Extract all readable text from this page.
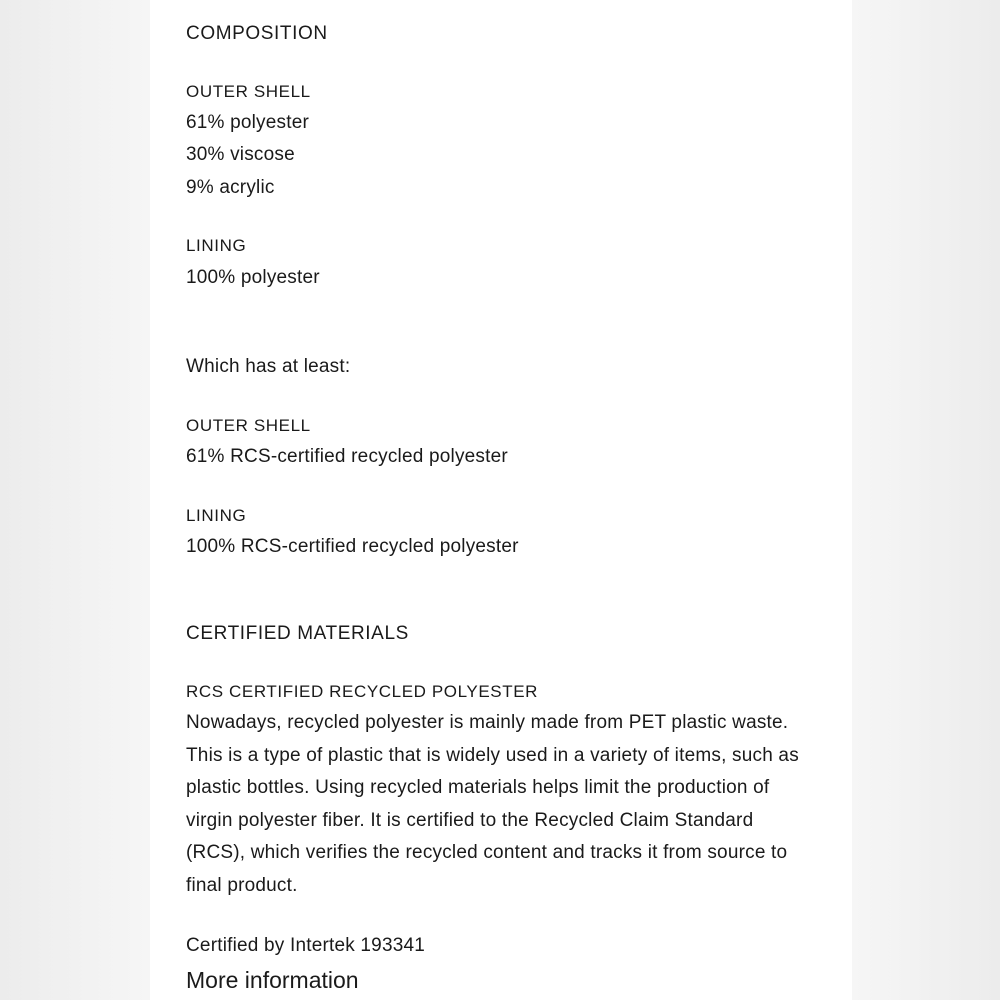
COMPOSITION

OUTER SHELL

61% polyester

30% viscose

9% acrylic

LINING

100% polyester

Which has at least:

OUTER SHELL

61% RCS-certified recycled polyester

LINING

100% RCS-certified recycled polyester

CERTIFIED MATERIALS

RCS CERTIFIED RECYCLED POLYESTER

Nowadays, recycled polyester is mainly made from PET plastic waste. This is a type of plastic that is widely used in a variety of items, such as plastic bottles. Using recycled materials helps limit the production of virgin polyester fiber. It is certified to the Recycled Claim Standard (RCS), which verifies the recycled content and tracks it from source to final product.

Certified by Intertek 193341

More information
